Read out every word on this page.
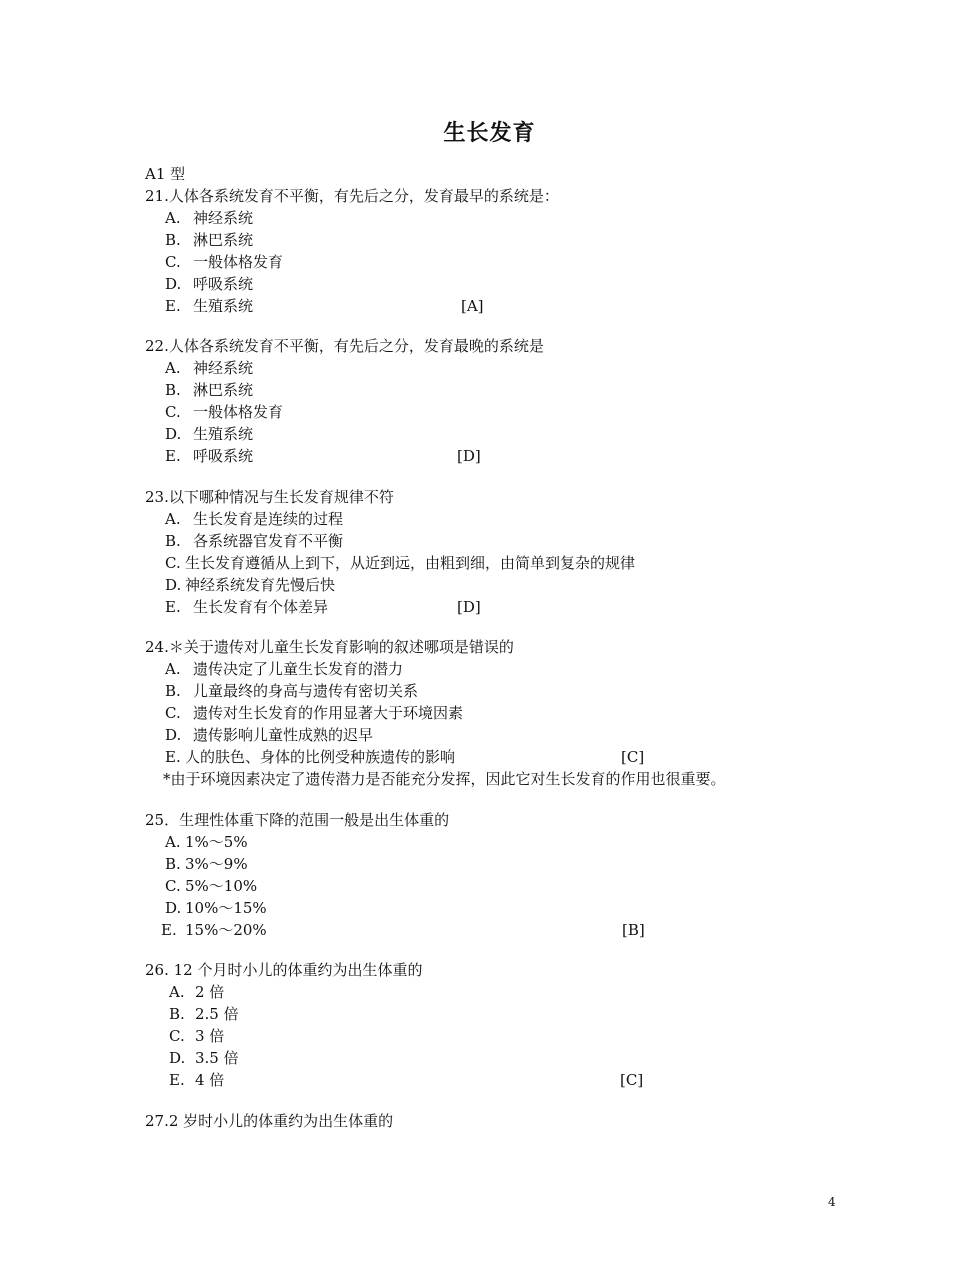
生长发育
A1 型
21.人体各系统发育不平衡，有先后之分，发育最早的系统是：
A. 神经系统
B. 淋巴系统
C. 一般体格发育
D. 呼吸系统
E. 生殖系统	[A]
22.人体各系统发育不平衡，有先后之分，发育最晚的系统是
A. 神经系统
B. 淋巴系统
C. 一般体格发育
D. 生殖系统
E. 呼吸系统	[D]
23.以下哪种情况与生长发育规律不符
A. 生长发育是连续的过程
B. 各系统器官发育不平衡
C. 生长发育遵循从上到下，从近到远，由粗到细，由简单到复杂的规律
D. 神经系统发育先慢后快
E. 生长发育有个体差异	[D]
24.＊关于遗传对儿童生长发育影响的叙述哪项是错误的
A. 遗传决定了儿童生长发育的潜力
B. 儿童最终的身高与遗传有密切关系
C. 遗传对生长发育的作用显著大于环境因素
D. 遗传影响儿童性成熟的迟早
E. 人的肤色、身体的比例受种族遗传的影响	[C]
*由于环境因素决定了遗传潜力是否能充分发挥，因此它对生长发育的作用也很重要。
25．生理性体重下降的范围一般是出生体重的
A. 1%～5%
B. 3%～9%
C. 5%～10%
D. 10%～15%
E. 15%～20%	[B]
26. 12 个月时小儿的体重约为出生体重的
A. 2 倍
B. 2.5 倍
C. 3 倍
D. 3.5 倍
E. 4 倍	[C]
27.2 岁时小儿的体重约为出生体重的
4
